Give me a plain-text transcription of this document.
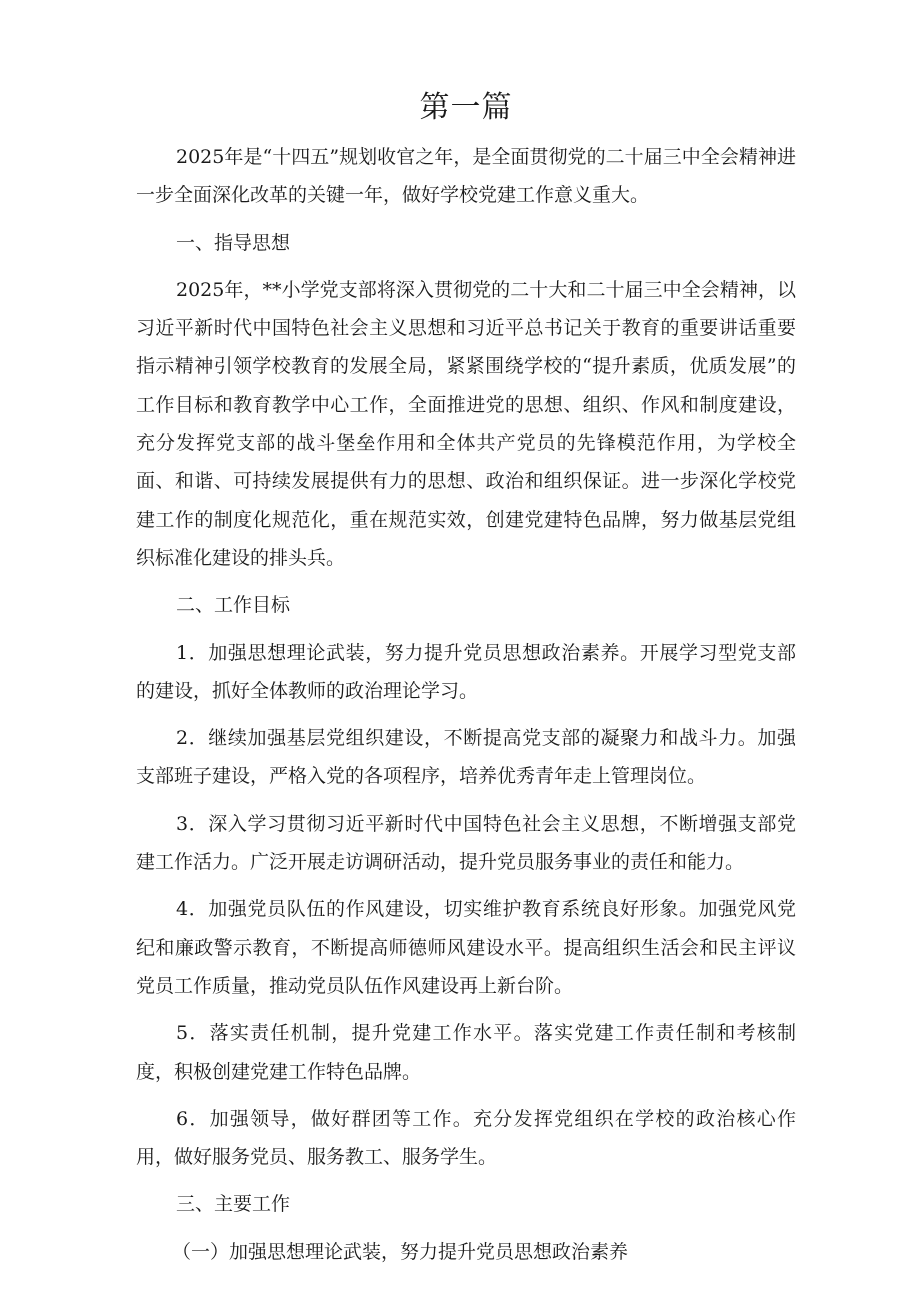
第一篇

2025年是“十四五”规划收官之年，是全面贯彻党的二十届三中全会精神进一步全面深化改革的关键一年，做好学校党建工作意义重大。

一、指导思想

2025年，**小学党支部将深入贯彻党的二十大和二十届三中全会精神，以习近平新时代中国特色社会主义思想和习近平总书记关于教育的重要讲话重要指示精神引领学校教育的发展全局，紧紧围绕学校的“提升素质，优质发展”的工作目标和教育教学中心工作，全面推进党的思想、组织、作风和制度建设，充分发挥党支部的战斗堡垒作用和全体共产党员的先锋模范作用，为学校全面、和谐、可持续发展提供有力的思想、政治和组织保证。进一步深化学校党建工作的制度化规范化，重在规范实效，创建党建特色品牌，努力做基层党组织标准化建设的排头兵。

二、工作目标

1．加强思想理论武装，努力提升党员思想政治素养。开展学习型党支部的建设，抓好全体教师的政治理论学习。

2．继续加强基层党组织建设，不断提高党支部的凝聚力和战斗力。加强支部班子建设，严格入党的各项程序，培养优秀青年走上管理岗位。

3．深入学习贯彻习近平新时代中国特色社会主义思想，不断增强支部党建工作活力。广泛开展走访调研活动，提升党员服务事业的责任和能力。

4．加强党员队伍的作风建设，切实维护教育系统良好形象。加强党风党纪和廉政警示教育，不断提高师德师风建设水平。提高组织生活会和民主评议党员工作质量，推动党员队伍作风建设再上新台阶。

5．落实责任机制，提升党建工作水平。落实党建工作责任制和考核制度，积极创建党建工作特色品牌。

6．加强领导，做好群团等工作。充分发挥党组织在学校的政治核心作用，做好服务党员、服务教工、服务学生。

三、主要工作

（一）加强思想理论武装，努力提升党员思想政治素养
